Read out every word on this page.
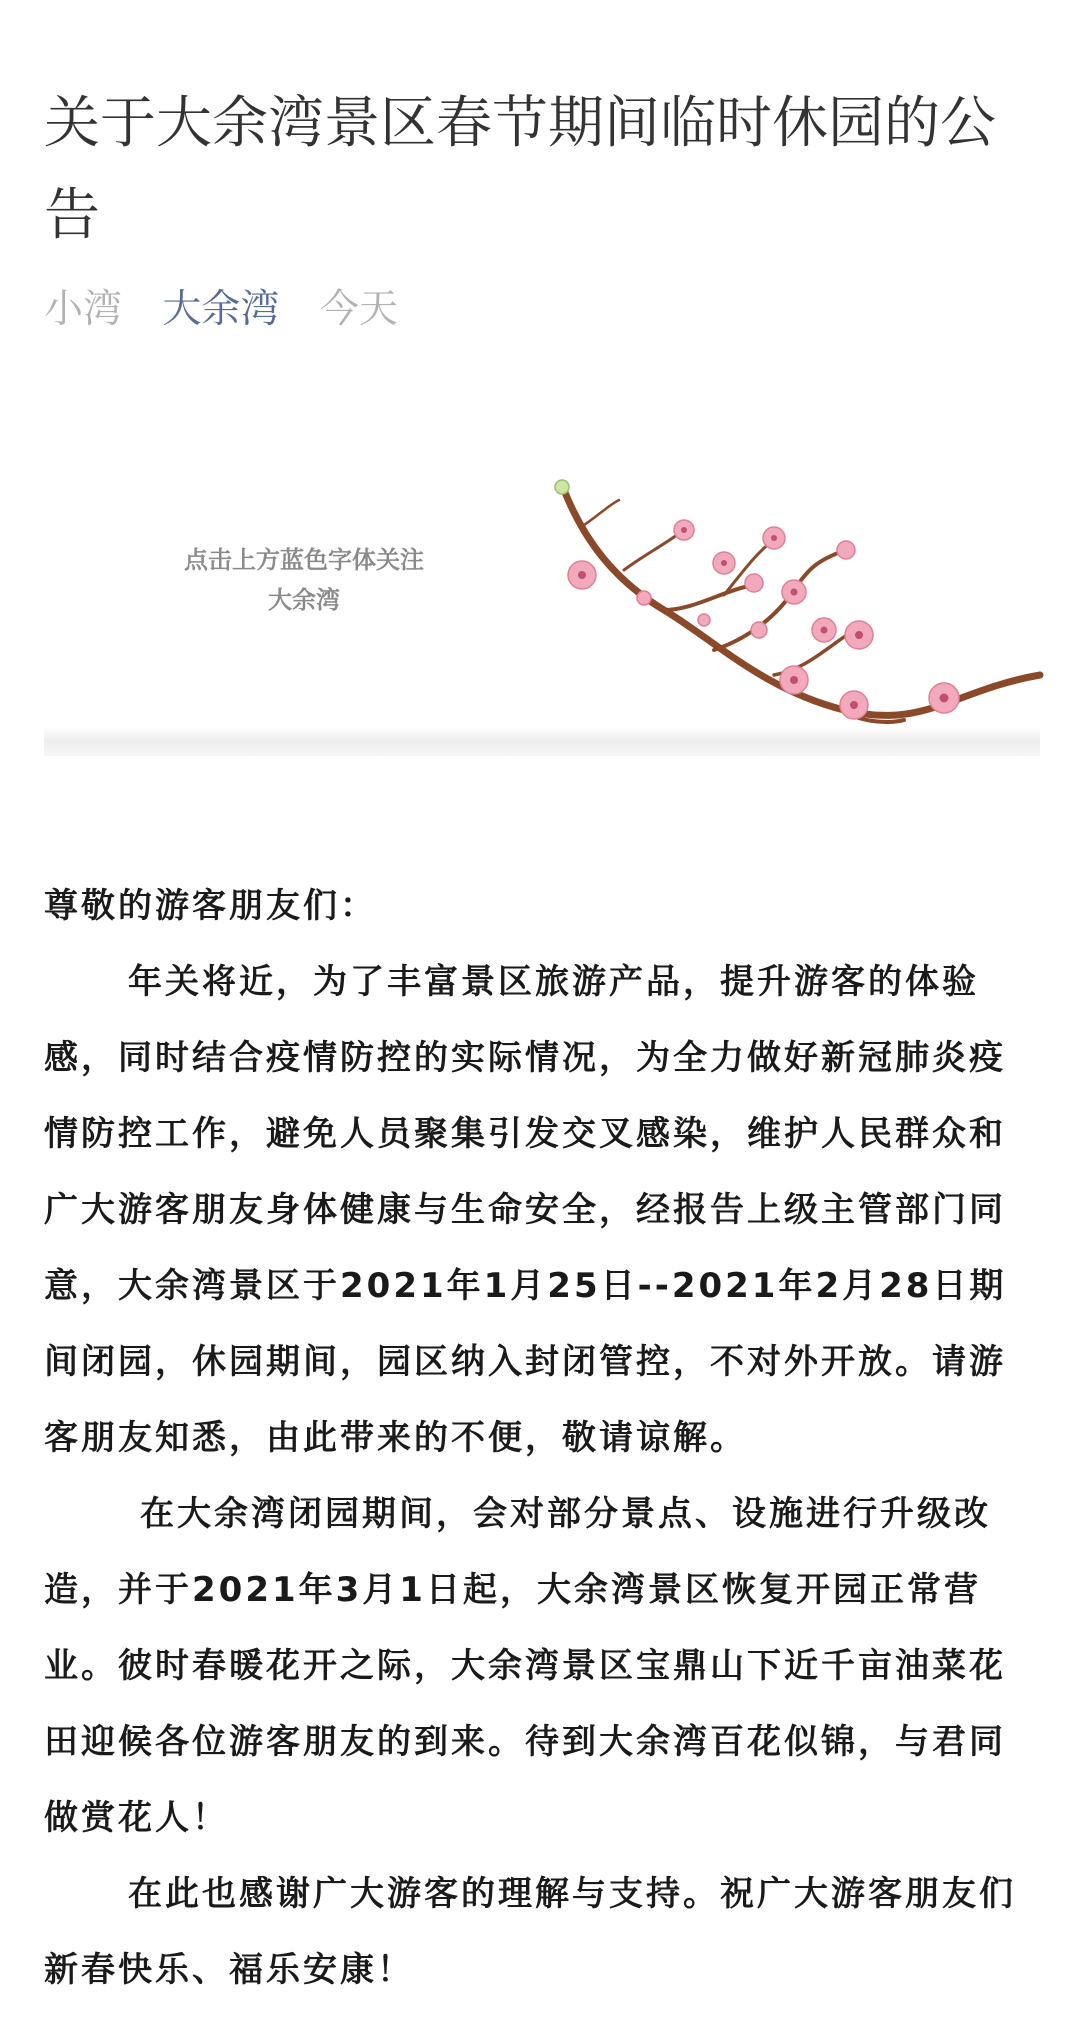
关于大余湾景区春节期间临时休园的公告
小湾 大余湾 今天
点击上方蓝色字体关注
大余湾

尊敬的游客朋友们：

年关将近，为了丰富景区旅游产品，提升游客的体验感，同时结合疫情防控的实际情况，为全力做好新冠肺炎疫情防控工作，避免人员聚集引发交叉感染，维护人民群众和广大游客朋友身体健康与生命安全，经报告上级主管部门同意，大余湾景区于2021年1月25日--2021年2月28日期间闭园，休园期间，园区纳入封闭管控，不对外开放。请游客朋友知悉，由此带来的不便，敬请谅解。

在大余湾闭园期间，会对部分景点、设施进行升级改造，并于2021年3月1日起，大余湾景区恢复开园正常营业。彼时春暖花开之际，大余湾景区宝鼎山下近千亩油菜花田迎候各位游客朋友的到来。待到大余湾百花似锦，与君同做赏花人！

在此也感谢广大游客的理解与支持。祝广大游客朋友们新春快乐、福乐安康！
